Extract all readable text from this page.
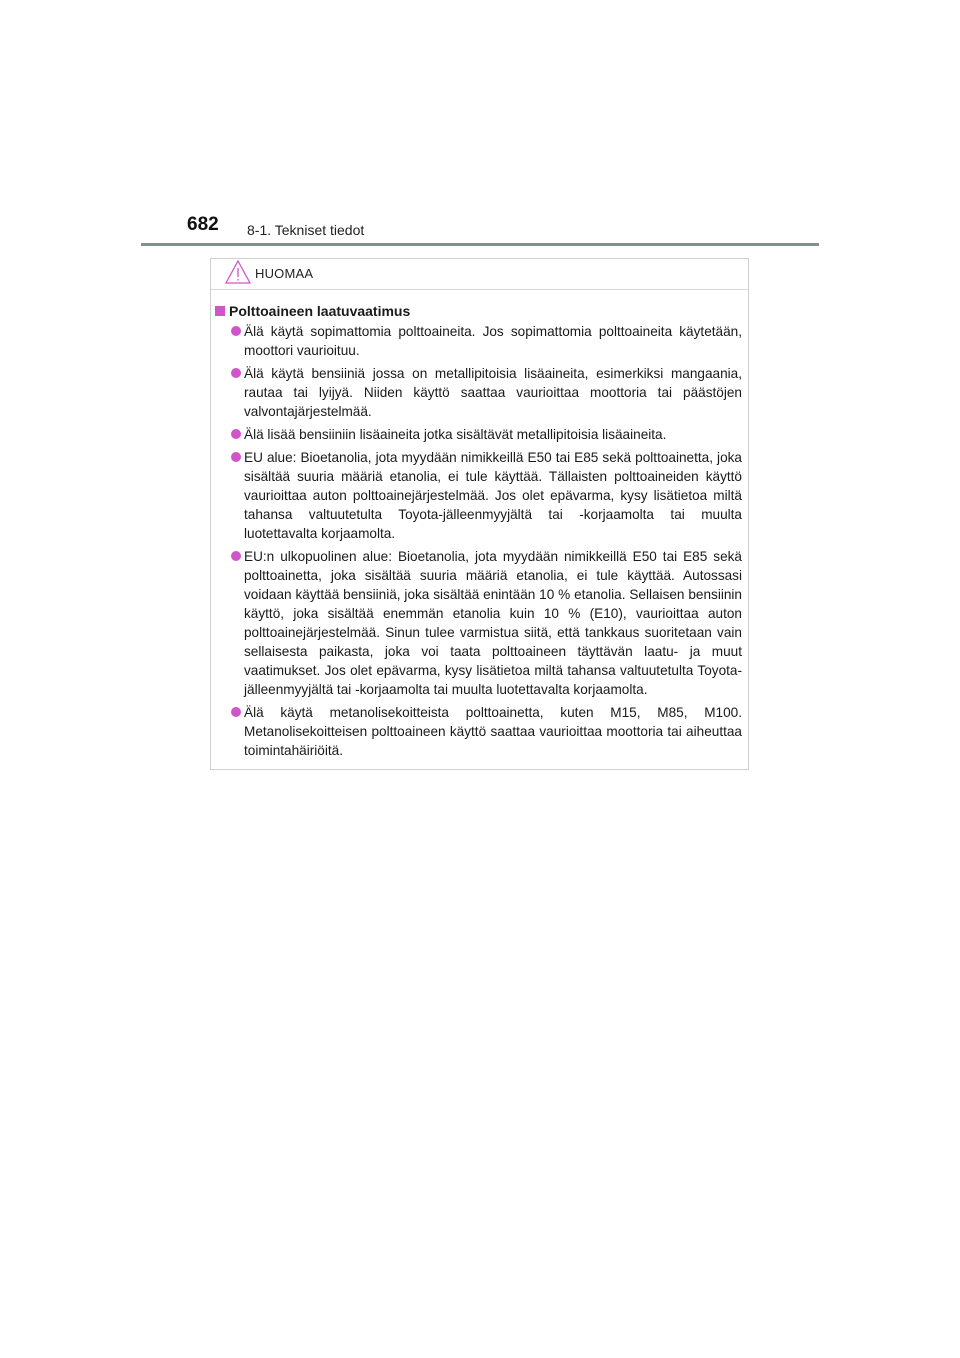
682 8-1. Tekniset tiedot
HUOMAA
Polttoaineen laatuvaatimus
Älä käytä sopimattomia polttoaineita. Jos sopimattomia polttoaineita käytetään, moottori vaurioituu.
Älä käytä bensiiniä jossa on metallipitoisia lisäaineita, esimerkiksi mangaania, rautaa tai lyijyä. Niiden käyttö saattaa vaurioittaa moottoria tai päästöjen valvontajärjestelmää.
Älä lisää bensiiniin lisäaineita jotka sisältävät metallipitoisia lisäaineita.
EU alue: Bioetanolia, jota myydään nimikkeillä E50 tai E85 sekä polttoainetta, joka sisältää suuria määriä etanolia, ei tule käyttää. Tällaisten polttoaineiden käyttö vaurioittaa auton polttoainejärjestelmää. Jos olet epävarma, kysy lisätietoa miltä tahansa valtuutetulta Toyota-jälleenmyyjältä tai -korjaamolta tai muulta luotettavalta korjaamolta.
EU:n ulkopuolinen alue: Bioetanolia, jota myydään nimikkeillä E50 tai E85 sekä polttoainetta, joka sisältää suuria määriä etanolia, ei tule käyttää. Autossasi voidaan käyttää bensiiniä, joka sisältää enintään 10 % etanolia. Sellaisen bensiinin käyttö, joka sisältää enemmän etanolia kuin 10 % (E10), vaurioittaa auton polttoainejärjestelmää. Sinun tulee varmistua siitä, että tankkaus suoritetaan vain sellaisesta paikasta, joka voi taata polttoaineen täyttävän laatu- ja muut vaatimukset. Jos olet epävarma, kysy lisätietoa miltä tahansa valtuutetulta Toyota-jälleenmyyjältä tai -korjaamolta tai muulta luotettavalta korjaamolta.
Älä käytä metanolisekoitteista polttoainetta, kuten M15, M85, M100. Metanolisekoitteisen polttoaineen käyttö saattaa vaurioittaa moottoria tai aiheuttaa toimintahäiriöitä.
